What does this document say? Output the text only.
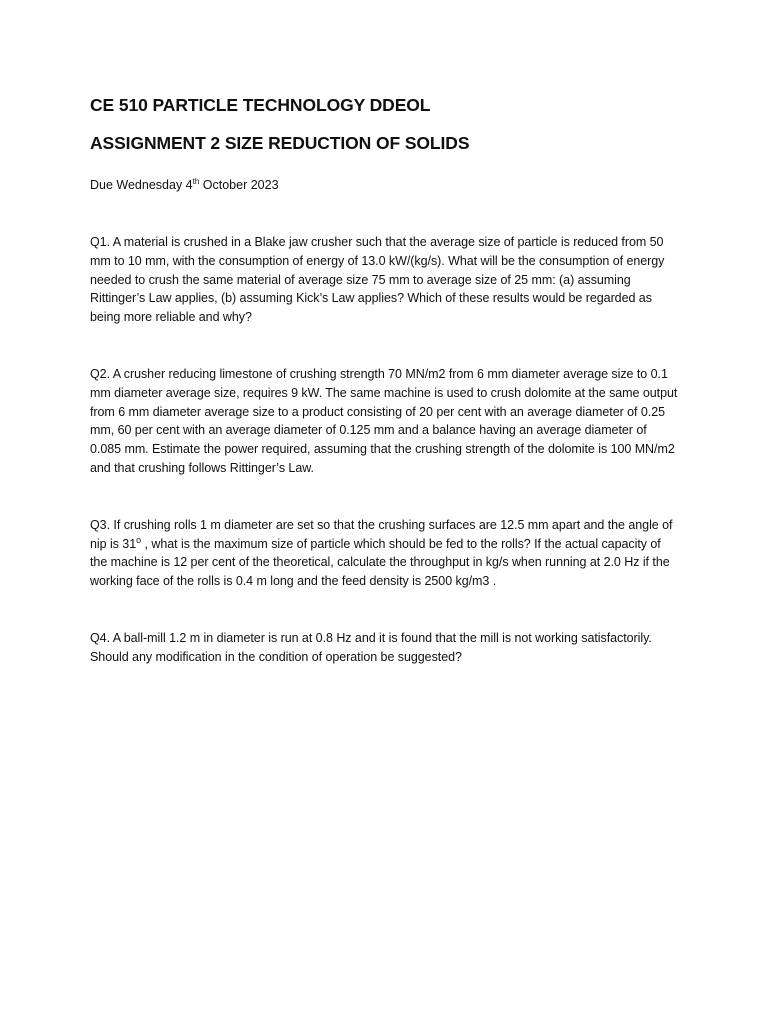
CE 510 PARTICLE TECHNOLOGY DDEOL
ASSIGNMENT 2 SIZE REDUCTION OF SOLIDS
Due Wednesday 4th October 2023

Q1. A material is crushed in a Blake jaw crusher such that the average size of particle is reduced from 50 mm to 10 mm, with the consumption of energy of 13.0 kW/(kg/s). What will be the consumption of energy needed to crush the same material of average size 75 mm to average size of 25 mm: (a) assuming Rittinger’s Law applies, (b) assuming Kick’s Law applies? Which of these results would be regarded as being more reliable and why?

Q2. A crusher reducing limestone of crushing strength 70 MN/m2 from 6 mm diameter average size to 0.1 mm diameter average size, requires 9 kW. The same machine is used to crush dolomite at the same output from 6 mm diameter average size to a product consisting of 20 per cent with an average diameter of 0.25 mm, 60 per cent with an average diameter of 0.125 mm and a balance having an average diameter of 0.085 mm. Estimate the power required, assuming that the crushing strength of the dolomite is 100 MN/m2 and that crushing follows Rittinger’s Law.

Q3. If crushing rolls 1 m diameter are set so that the crushing surfaces are 12.5 mm apart and the angle of nip is 31$^o$ , what is the maximum size of particle which should be fed to the rolls? If the actual capacity of the machine is 12 per cent of the theoretical, calculate the throughput in kg/s when running at 2.0 Hz if the working face of the rolls is 0.4 m long and the feed density is 2500 kg/m3 .

Q4. A ball-mill 1.2 m in diameter is run at 0.8 Hz and it is found that the mill is not working satisfactorily. Should any modification in the condition of operation be suggested?
